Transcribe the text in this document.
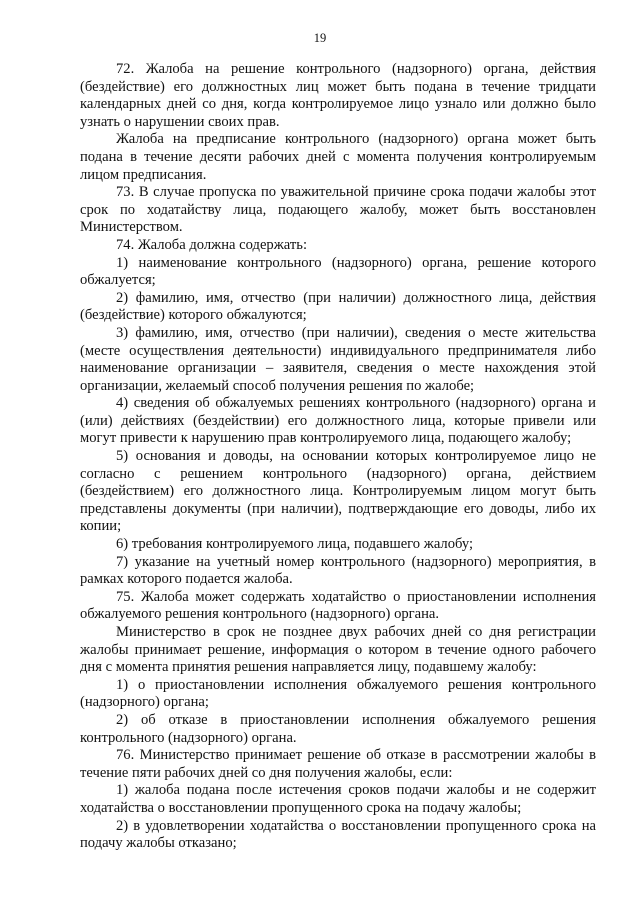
19

72. Жалоба на решение контрольного (надзорного) органа, действия (бездействие) его должностных лиц может быть подана в течение тридцати календарных дней со дня, когда контролируемое лицо узнало или должно было узнать о нарушении своих прав.

Жалоба на предписание контрольного (надзорного) органа может быть подана в течение десяти рабочих дней с момента получения контролируемым лицом предписания.

73. В случае пропуска по уважительной причине срока подачи жалобы этот срок по ходатайству лица, подающего жалобу, может быть восстановлен Министерством.

74. Жалоба должна содержать:

1) наименование контрольного (надзорного) органа, решение которого обжалуется;

2) фамилию, имя, отчество (при наличии) должностного лица, действия (бездействие) которого обжалуются;

3) фамилию, имя, отчество (при наличии), сведения о месте жительства (месте осуществления деятельности) индивидуального предпринимателя либо наименование организации – заявителя, сведения о месте нахождения этой организации, желаемый способ получения решения по жалобе;

4) сведения об обжалуемых решениях контрольного (надзорного) органа и (или) действиях (бездействии) его должностного лица, которые привели или могут привести к нарушению прав контролируемого лица, подающего жалобу;

5) основания и доводы, на основании которых контролируемое лицо не согласно с решением контрольного (надзорного) органа, действием (бездействием) его должностного лица. Контролируемым лицом могут быть представлены документы (при наличии), подтверждающие его доводы, либо их копии;

6) требования контролируемого лица, подавшего жалобу;

7) указание на учетный номер контрольного (надзорного) мероприятия, в рамках которого подается жалоба.

75. Жалоба может содержать ходатайство о приостановлении исполнения обжалуемого решения контрольного (надзорного) органа.

Министерство в срок не позднее двух рабочих дней со дня регистрации жалобы принимает решение, информация о котором в течение одного рабочего дня с момента принятия решения направляется лицу, подавшему жалобу:

1) о приостановлении исполнения обжалуемого решения контрольного (надзорного) органа;

2) об отказе в приостановлении исполнения обжалуемого решения контрольного (надзорного) органа.

76. Министерство принимает решение об отказе в рассмотрении жалобы в течение пяти рабочих дней со дня получения жалобы, если:

1) жалоба подана после истечения сроков подачи жалобы и не содержит ходатайства о восстановлении пропущенного срока на подачу жалобы;

2) в удовлетворении ходатайства о восстановлении пропущенного срока на подачу жалобы отказано;
